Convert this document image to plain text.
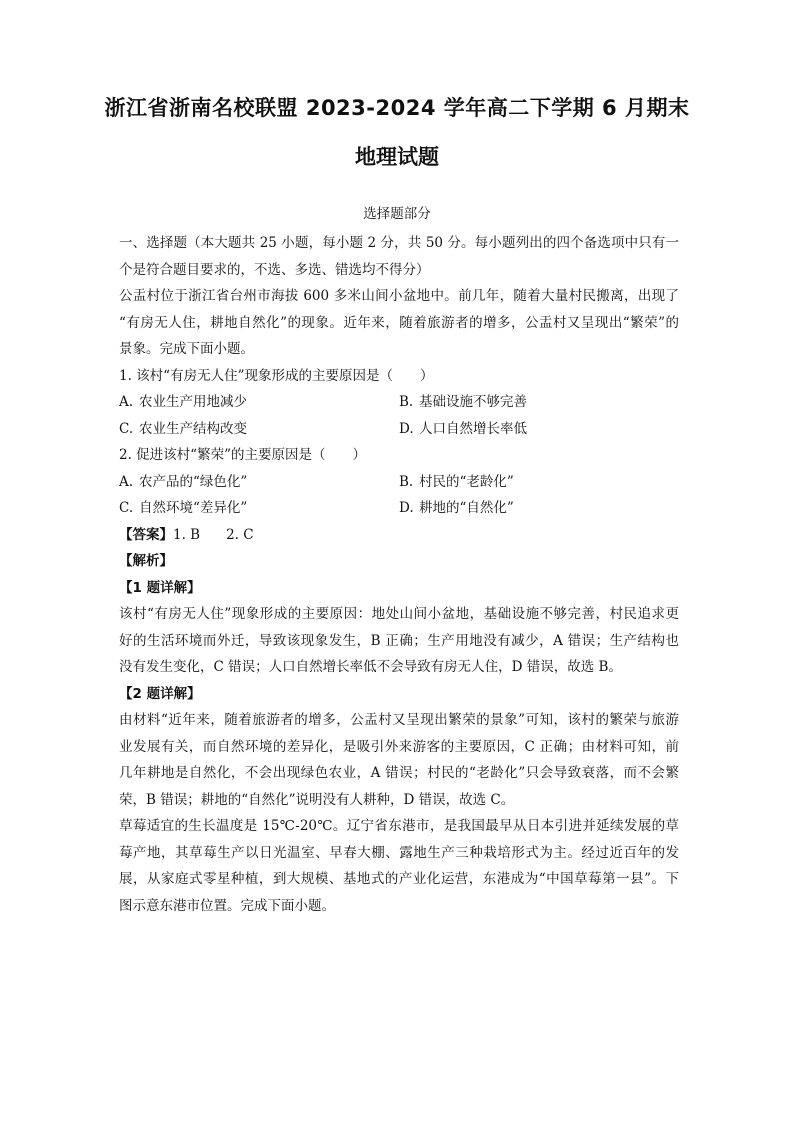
浙江省浙南名校联盟 2023-2024 学年高二下学期 6 月期末
地理试题
选择题部分

一、选择题（本大题共 25 小题，每小题 2 分，共 50 分。每小题列出的四个备选项中只有一

个是符合题目要求的，不选、多选、错选均不得分）

公盂村位于浙江省台州市海拔 600 多米山间小盆地中。前几年，随着大量村民搬离，出现了

“有房无人住，耕地自然化”的现象。近年来，随着旅游者的增多，公盂村又呈现出“繁荣”的

景象。完成下面小题。

1. 该村“有房无人住”现象形成的主要原因是（　　）

A. 农业生产用地减少	B. 基础设施不够完善
C. 农业生产结构改变	D. 人口自然增长率低

2. 促进该村“繁荣”的主要原因是（　　）

A. 农产品的“绿色化”	B. 村民的“老龄化”
C. 自然环境“差异化”	D. 耕地的“自然化”

【答案】1. B 2. C

【解析】

【1 题详解】

该村“有房无人住”现象形成的主要原因：地处山间小盆地，基础设施不够完善，村民追求更

好的生活环境而外迁，导致该现象发生，B 正确；生产用地没有减少，A 错误；生产结构也

没有发生变化，C 错误；人口自然增长率低不会导致有房无人住，D 错误，故选 B。

【2 题详解】

由材料“近年来，随着旅游者的增多，公盂村又呈现出繁荣的景象”可知，该村的繁荣与旅游

业发展有关，而自然环境的差异化，是吸引外来游客的主要原因，C 正确；由材料可知，前

几年耕地是自然化，不会出现绿色农业，A 错误；村民的“老龄化”只会导致衰落，而不会繁

荣，B 错误；耕地的“自然化”说明没有人耕种，D 错误，故选 C。

草莓适宜的生长温度是 15℃-20℃。辽宁省东港市，是我国最早从日本引进并延续发展的草

莓产地，其草莓生产以日光温室、早春大棚、露地生产三种栽培形式为主。经过近百年的发

展，从家庭式零星种植，到大规模、基地式的产业化运营，东港成为“中国草莓第一县”。下

图示意东港市位置。完成下面小题。
